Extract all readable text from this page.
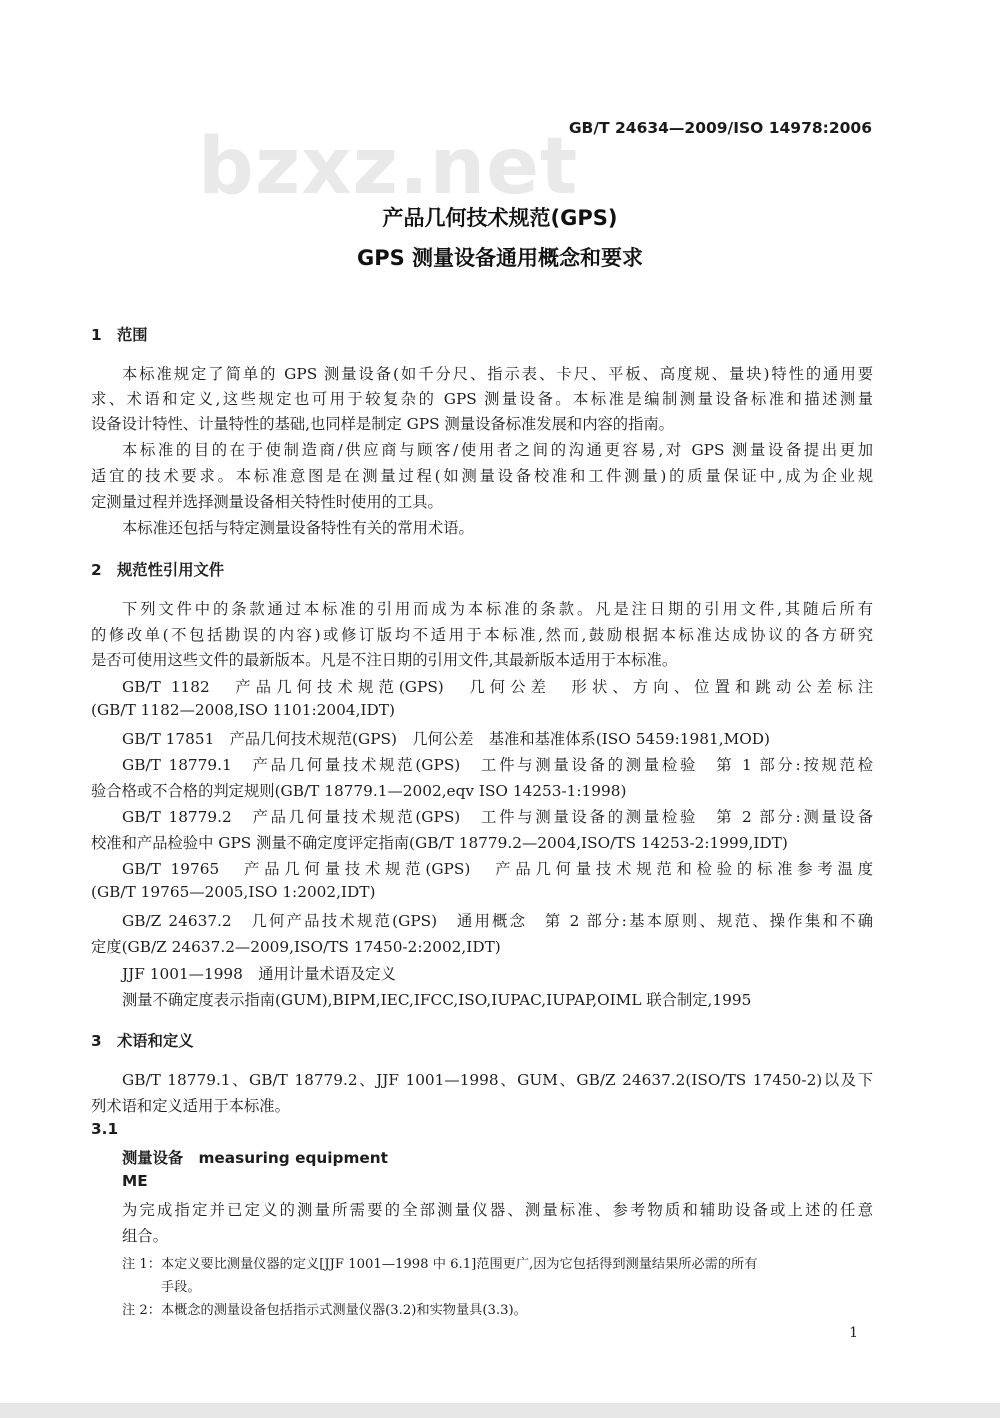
bzxz.net
GB/T 24634—2009/ISO 14978:2006
产品几何技术规范(GPS)
GPS 测量设备通用概念和要求
1 范围
本标准规定了简单的 GPS 测量设备(如千分尺、指示表、卡尺、平板、高度规、量块)特性的通用要
求、术语和定义,这些规定也可用于较复杂的 GPS 测量设备。本标准是编制测量设备标准和描述测量
设备设计特性、计量特性的基础,也同样是制定 GPS 测量设备标准发展和内容的指南。
本标准的目的在于使制造商/供应商与顾客/使用者之间的沟通更容易,对 GPS 测量设备提出更加
适宜的技术要求。本标准意图是在测量过程(如测量设备校准和工件测量)的质量保证中,成为企业规
定测量过程并选择测量设备相关特性时使用的工具。
本标准还包括与特定测量设备特性有关的常用术语。
2 规范性引用文件
下列文件中的条款通过本标准的引用而成为本标准的条款。凡是注日期的引用文件,其随后所有
的修改单(不包括勘误的内容)或修订版均不适用于本标准,然而,鼓励根据本标准达成协议的各方研究
是否可使用这些文件的最新版本。凡是不注日期的引用文件,其最新版本适用于本标准。
GB/T 1182　产品几何技术规范(GPS)　几何公差　形状、方向、位置和跳动公差标注
(GB/T 1182—2008,ISO 1101:2004,IDT)
GB/T 17851　产品几何技术规范(GPS)　几何公差　基准和基准体系(ISO 5459:1981,MOD)
GB/T 18779.1　产品几何量技术规范(GPS)　工件与测量设备的测量检验　第 1 部分:按规范检
验合格或不合格的判定规则(GB/T 18779.1—2002,eqv ISO 14253-1:1998)
GB/T 18779.2　产品几何量技术规范(GPS)　工件与测量设备的测量检验　第 2 部分:测量设备
校准和产品检验中 GPS 测量不确定度评定指南(GB/T 18779.2—2004,ISO/TS 14253-2:1999,IDT)
GB/T 19765　产品几何量技术规范(GPS)　产品几何量技术规范和检验的标准参考温度
(GB/T 19765—2005,ISO 1:2002,IDT)
GB/Z 24637.2　几何产品技术规范(GPS)　通用概念　第 2 部分:基本原则、规范、操作集和不确
定度(GB/Z 24637.2—2009,ISO/TS 17450-2:2002,IDT)
JJF 1001—1998　通用计量术语及定义
测量不确定度表示指南(GUM),BIPM,IEC,IFCC,ISO,IUPAC,IUPAP,OIML 联合制定,1995
3 术语和定义
GB/T 18779.1、GB/T 18779.2、JJF 1001—1998、GUM、GB/Z 24637.2(ISO/TS 17450-2)以及下
列术语和定义适用于本标准。
3.1
测量设备　measuring equipment
ME
为完成指定并已定义的测量所需要的全部测量仪器、测量标准、参考物质和辅助设备或上述的任意
组合。
注 1：本定义要比测量仪器的定义[JJF 1001—1998 中 6.1]范围更广,因为它包括得到测量结果所必需的所有
手段。
注 2：本概念的测量设备包括指示式测量仪器(3.2)和实物量具(3.3)。
1
